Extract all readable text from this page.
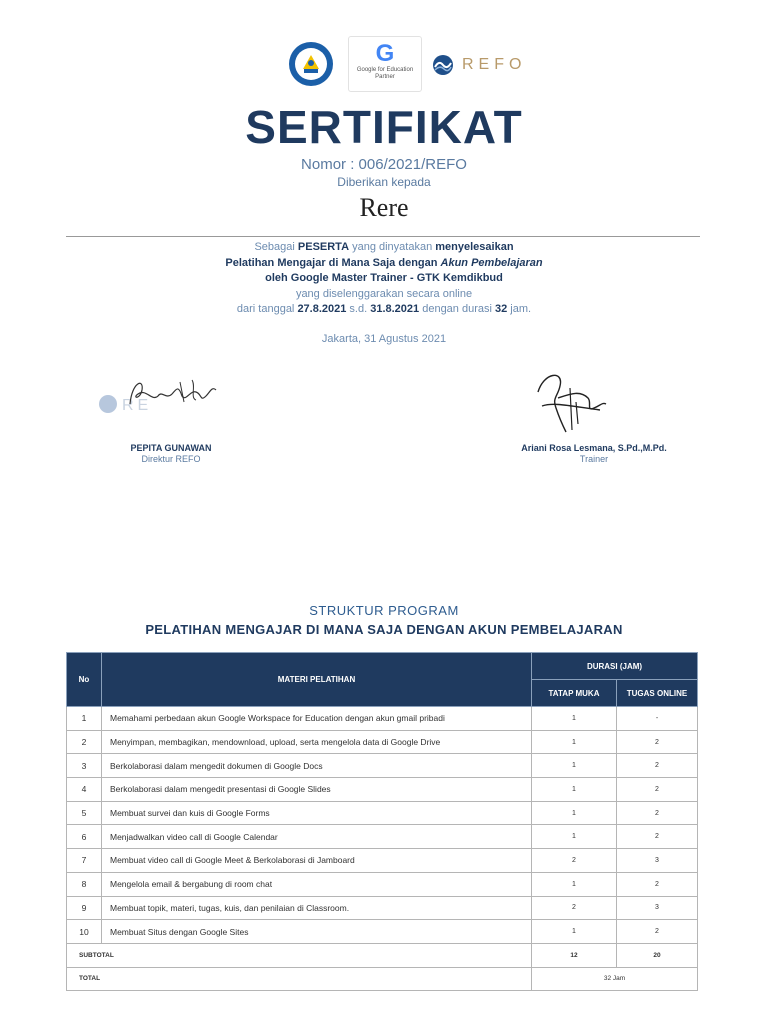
G
Google for Education
Partner
REFO
SERTIFIKAT
Nomor : 006/2021/REFO
Diberikan kepada
Rere
Sebagai PESERTA yang dinyatakan menyelesaikan
Pelatihan Mengajar di Mana Saja dengan Akun Pembelajaran
oleh Google Master Trainer - GTK Kemdikbud
yang diselenggarakan secara online
dari tanggal 27.8.2021 s.d. 31.8.2021 dengan durasi 32 jam.
Jakarta, 31 Agustus 2021
RE
PEPITA GUNAWAN
Direktur REFO
Ariani Rosa Lesmana, S.Pd.,M.Pd.
Trainer
STRUKTUR PROGRAM
PELATIHAN MENGAJAR DI MANA SAJA DENGAN AKUN PEMBELAJARAN
No	MATERI PELATIHAN	DURASI (JAM)	
		TATAP MUKA	TUGAS ONLINE
1	Memahami perbedaan akun Google Workspace for Education dengan akun gmail pribadi	1	-
2	Menyimpan, membagikan, mendownload, upload, serta mengelola data di Google Drive	1	2
3	Berkolaborasi dalam mengedit dokumen di Google Docs	1	2
4	Berkolaborasi dalam mengedit presentasi di Google Slides	1	2
5	Membuat survei dan kuis di Google Forms	1	2
6	Menjadwalkan video call di Google Calendar	1	2
7	Membuat video call di Google Meet & Berkolaborasi di Jamboard	2	3
8	Mengelola email & bergabung di room chat	1	2
9	Membuat topik, materi, tugas, kuis, dan penilaian di Classroom.	2	3
10	Membuat Situs dengan Google Sites	1	2
SUBTOTAL		12	20
TOTAL		32 Jam	
